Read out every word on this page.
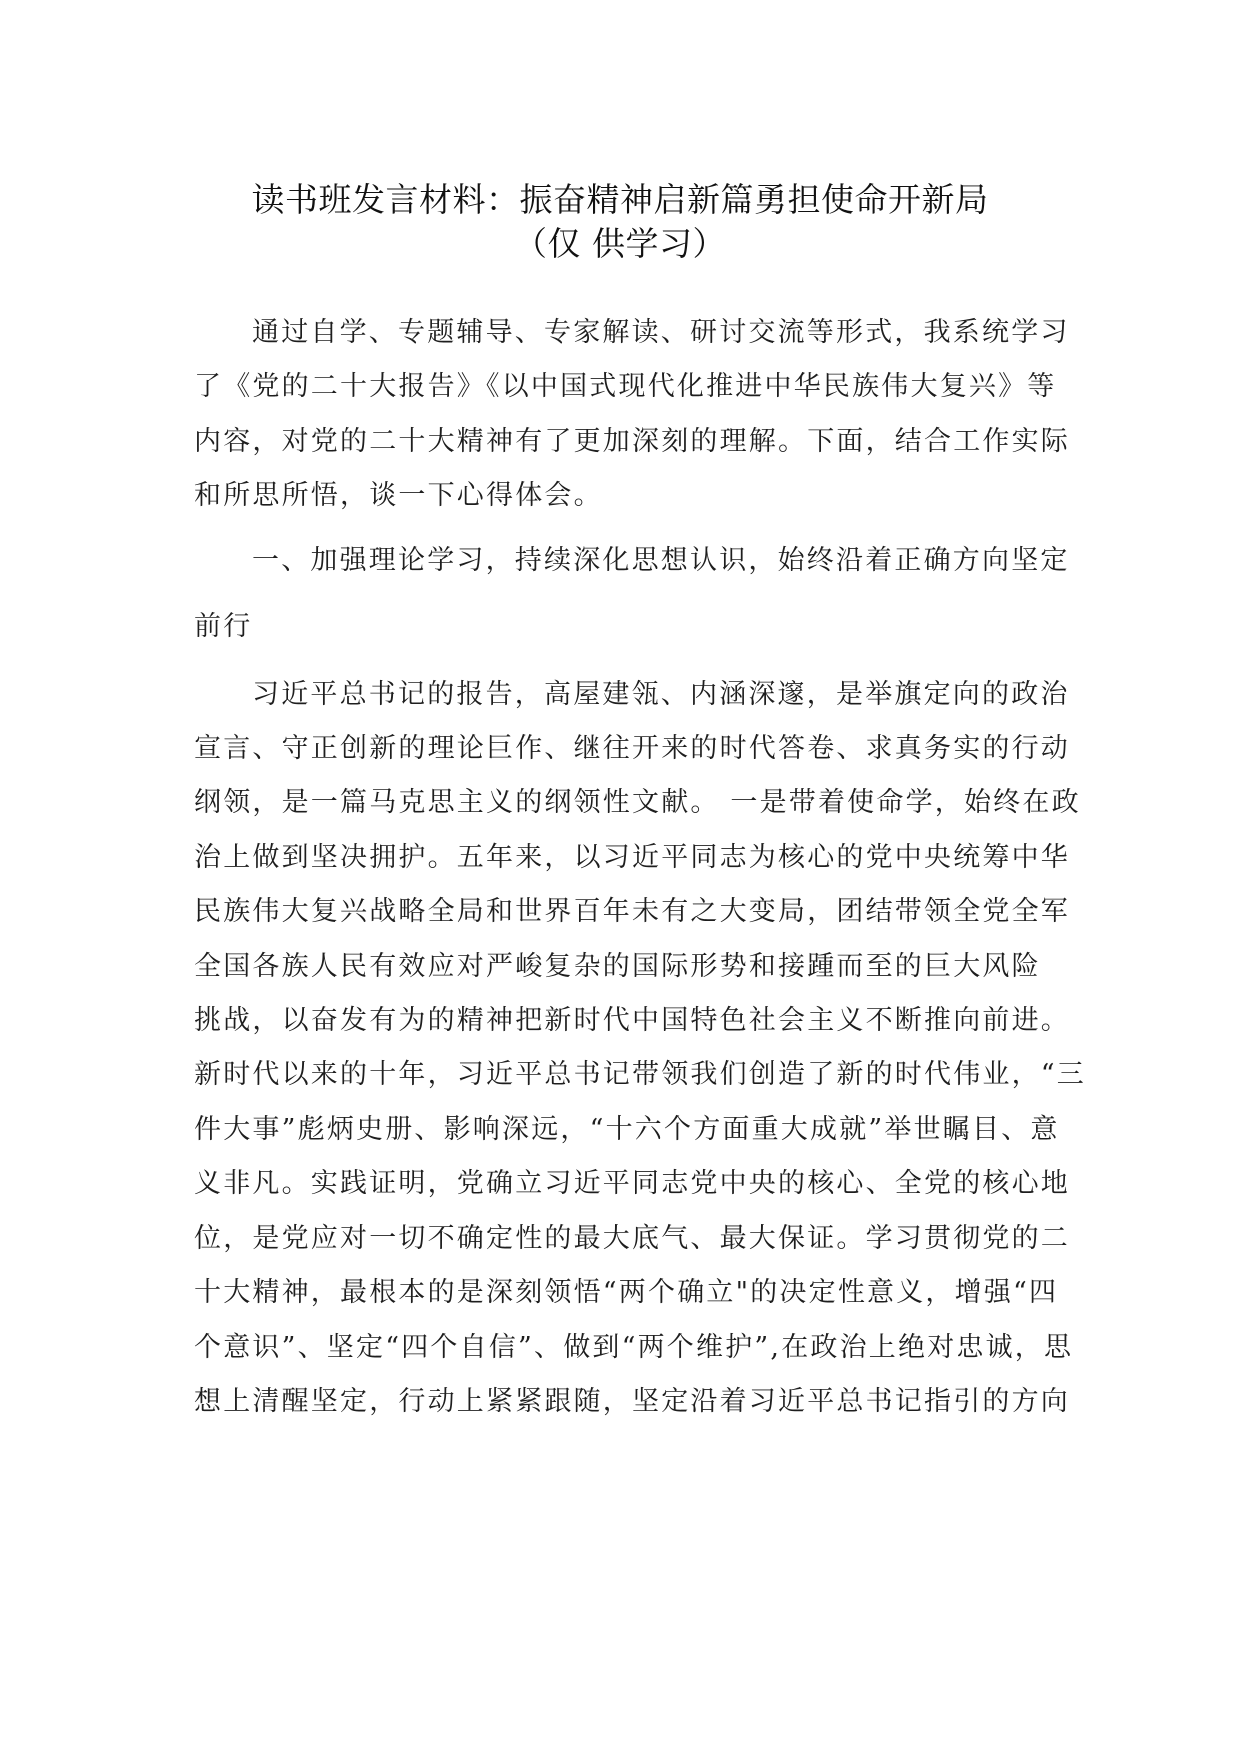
读书班发言材料：振奋精神启新篇勇担使命开新局

（仅 供学习）

通过自学、专题辅导、专家解读、研讨交流等形式，我系统学习
了《党的二十大报告》《以中国式现代化推进中华民族伟大复兴》等
内容，对党的二十大精神有了更加深刻的理解。下面，结合工作实际
和所思所悟，谈一下心得体会。

一、加强理论学习，持续深化思想认识，始终沿着正确方向坚定
前行

习近平总书记的报告，高屋建瓴、内涵深邃，是举旗定向的政治
宣言、守正创新的理论巨作、继往开来的时代答卷、求真务实的行动
纲领，是一篇马克思主义的纲领性文献。 一是带着使命学，始终在政
治上做到坚决拥护。五年来，以习近平同志为核心的党中央统筹中华
民族伟大复兴战略全局和世界百年未有之大变局，团结带领全党全军
全国各族人民有效应对严峻复杂的国际形势和接踵而至的巨大风险
挑战，以奋发有为的精神把新时代中国特色社会主义不断推向前进。
新时代以来的十年，习近平总书记带领我们创造了新的时代伟业，“三
件大事”彪炳史册、影响深远，“十六个方面重大成就”举世瞩目、意
义非凡。实践证明，党确立习近平同志党中央的核心、全党的核心地
位，是党应对一切不确定性的最大底气、最大保证。学习贯彻党的二
十大精神，最根本的是深刻领悟“两个确立"的决定性意义，增强“四
个意识”、坚定“四个自信”、做到“两个维护”,在政治上绝对忠诚，思
想上清醒坚定，行动上紧紧跟随，坚定沿着习近平总书记指引的方向
